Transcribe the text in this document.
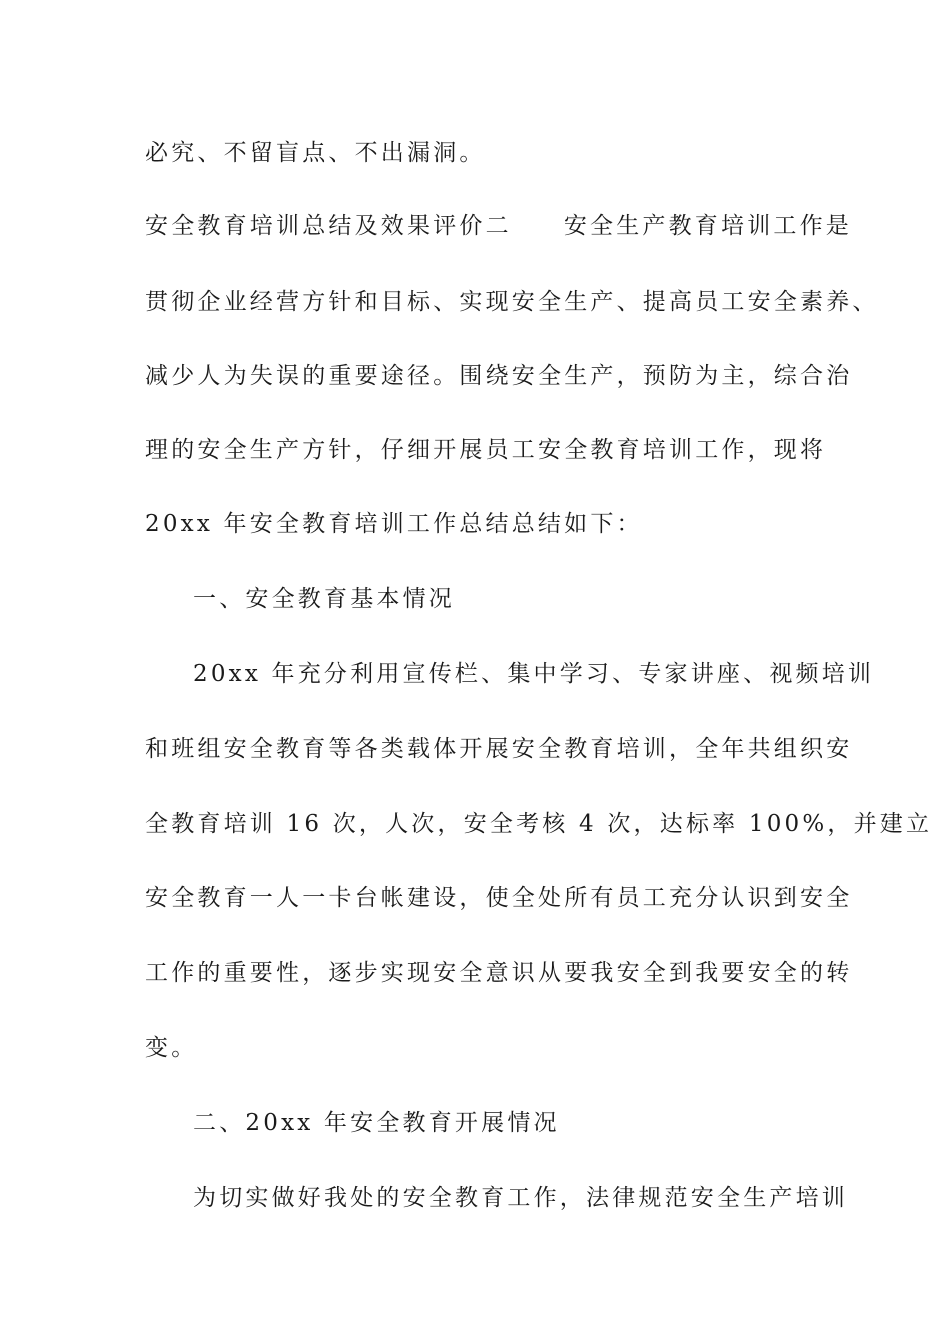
必究、不留盲点、不出漏洞。
安全教育培训总结及效果评价二 安全生产教育培训工作是
贯彻企业经营方针和目标、实现安全生产、提高员工安全素养、
减少人为失误的重要途径。围绕安全生产，预防为主，综合治
理的安全生产方针，仔细开展员工安全教育培训工作，现将
20xx 年安全教育培训工作总结总结如下：
一、安全教育基本情况
20xx 年充分利用宣传栏、集中学习、专家讲座、视频培训
和班组安全教育等各类载体开展安全教育培训，全年共组织安
全教育培训 16 次，人次，安全考核 4 次，达标率 100%，并建立
安全教育一人一卡台帐建设，使全处所有员工充分认识到安全
工作的重要性，逐步实现安全意识从要我安全到我要安全的转
变。
二、20xx 年安全教育开展情况
为切实做好我处的安全教育工作，法律规范安全生产培训
